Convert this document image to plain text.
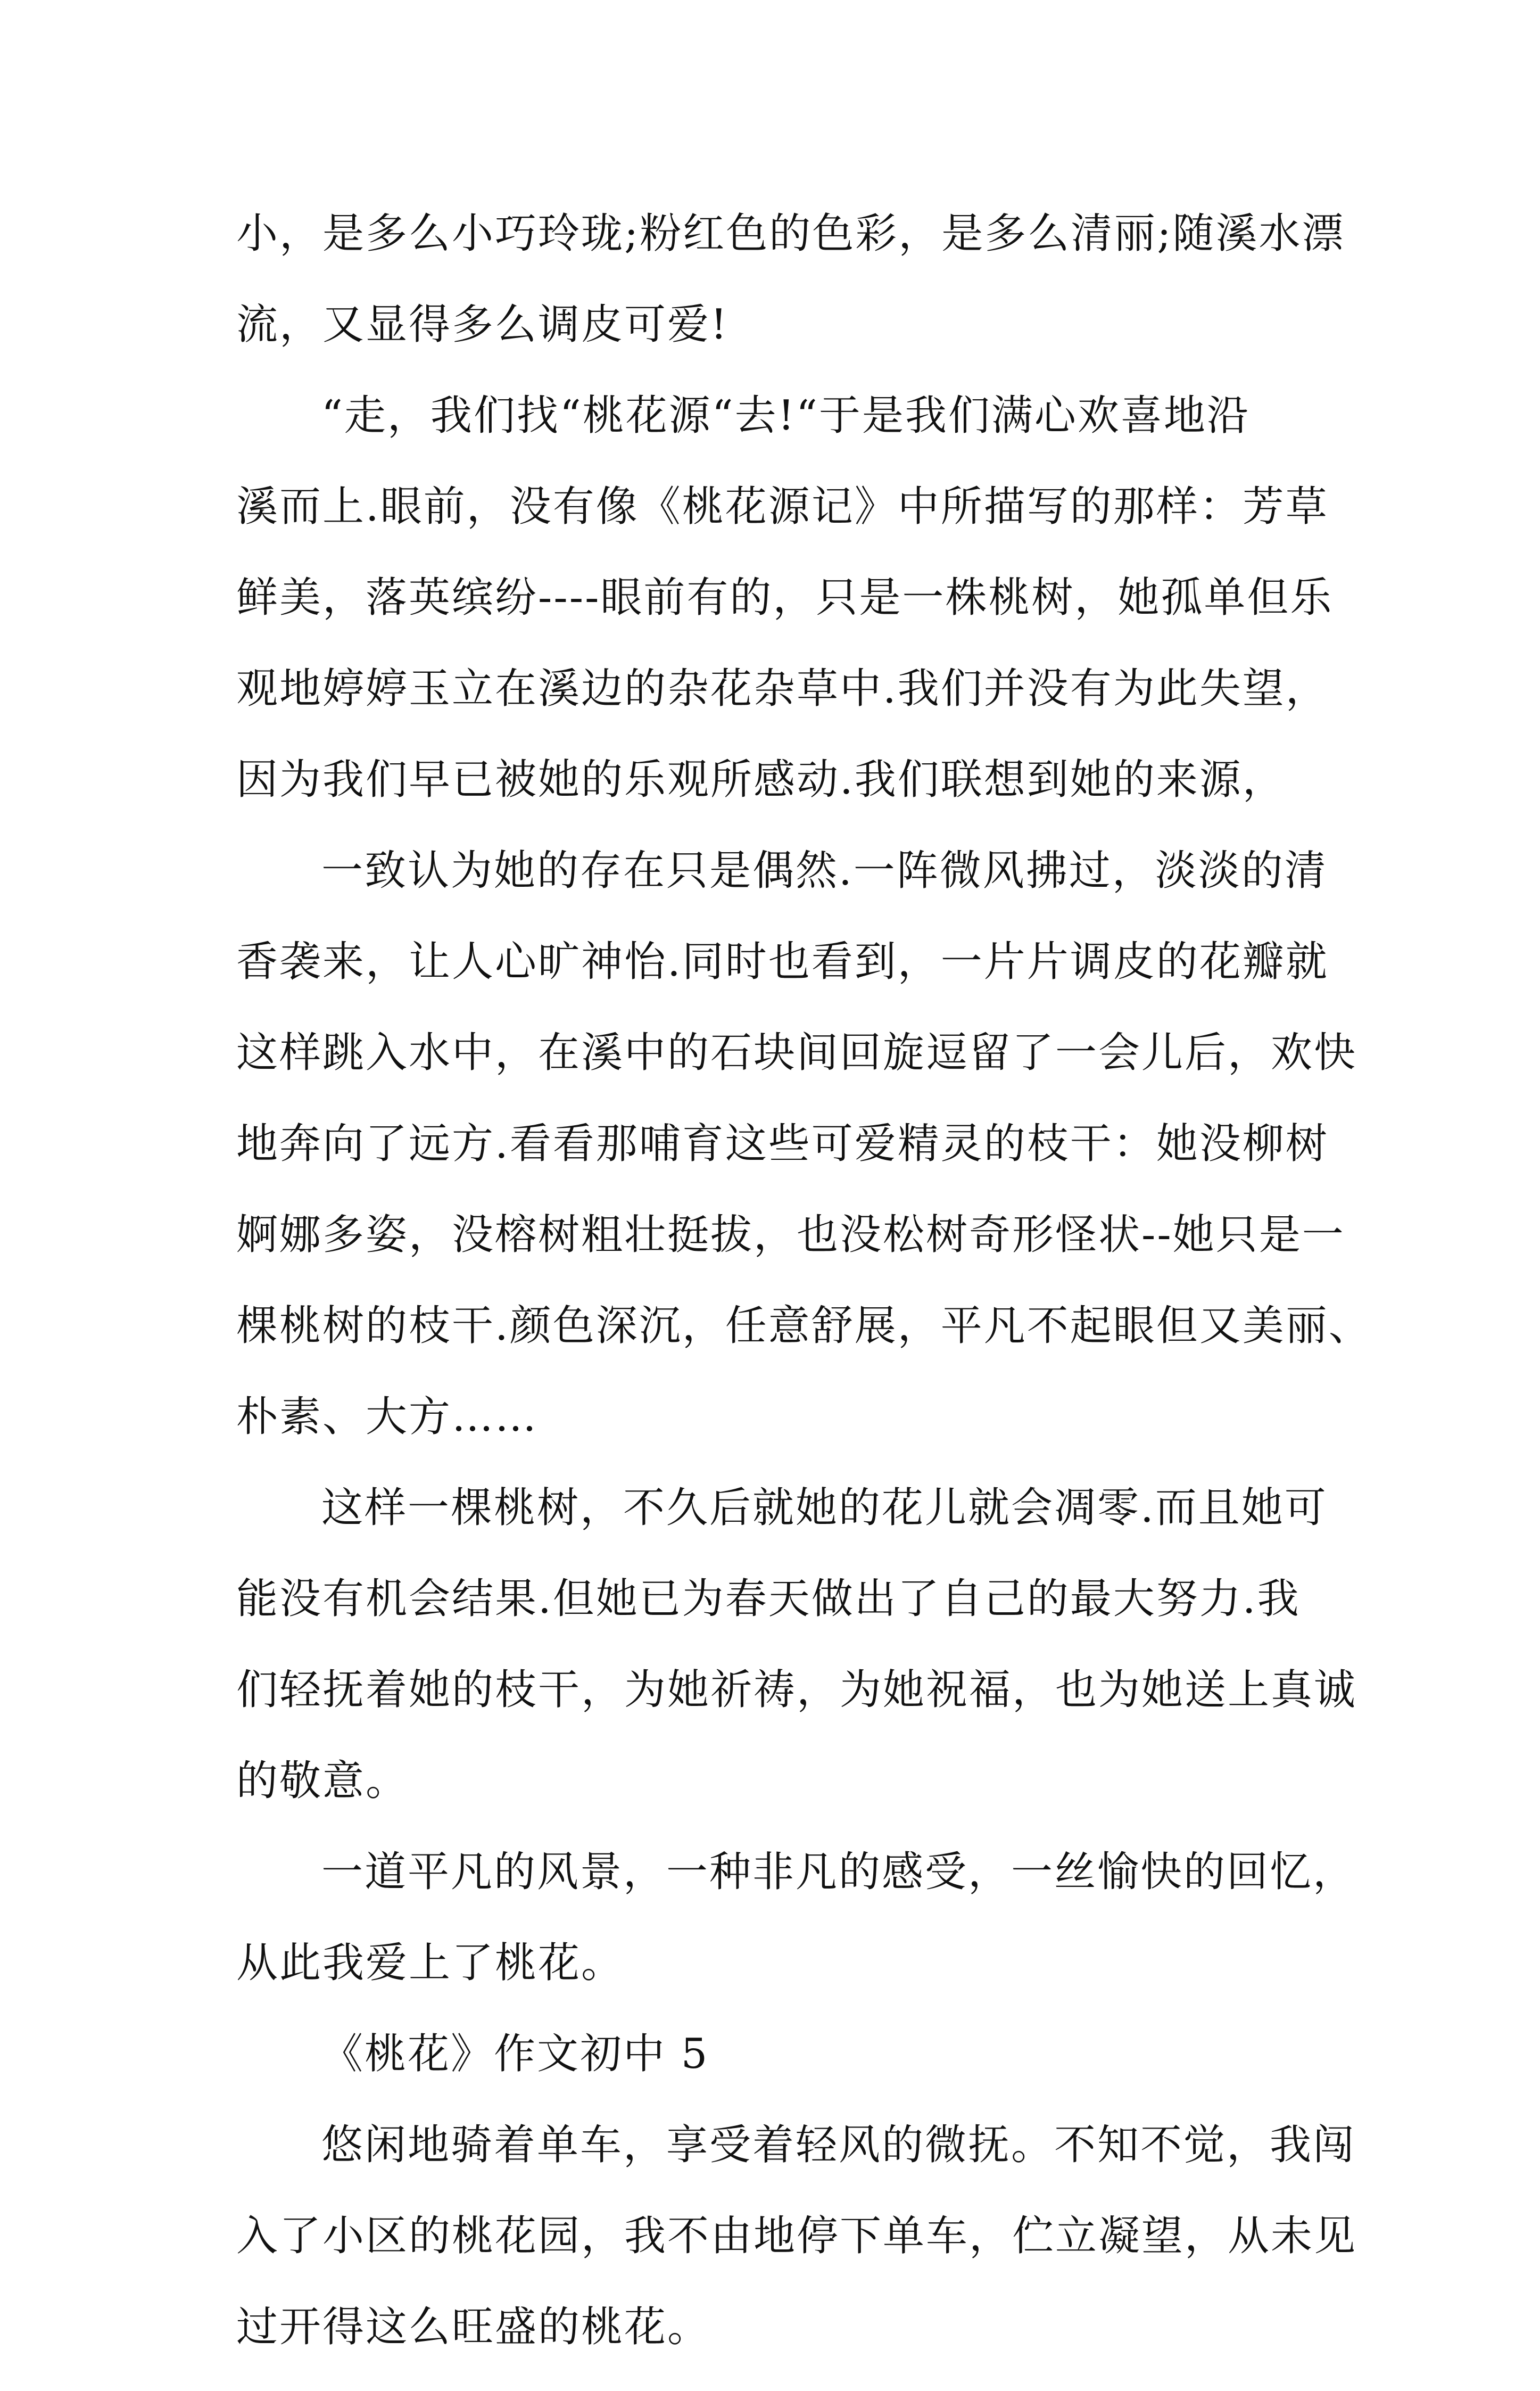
小，是多么小巧玲珑;粉红色的色彩，是多么清丽;随溪水漂
流，又显得多么调皮可爱!
“走，我们找“桃花源“去!“于是我们满心欢喜地沿
溪而上.眼前，没有像《桃花源记》中所描写的那样：芳草
鲜美，落英缤纷----眼前有的，只是一株桃树，她孤单但乐
观地婷婷玉立在溪边的杂花杂草中.我们并没有为此失望，
因为我们早已被她的乐观所感动.我们联想到她的来源，
一致认为她的存在只是偶然.一阵微风拂过，淡淡的清
香袭来，让人心旷神怡.同时也看到，一片片调皮的花瓣就
这样跳入水中，在溪中的石块间回旋逗留了一会儿后，欢快
地奔向了远方.看看那哺育这些可爱精灵的枝干：她没柳树
婀娜多姿，没榕树粗壮挺拔，也没松树奇形怪状--她只是一
棵桃树的枝干.颜色深沉，任意舒展，平凡不起眼但又美丽、
朴素、大方……
这样一棵桃树，不久后就她的花儿就会凋零.而且她可
能没有机会结果.但她已为春天做出了自己的最大努力.我
们轻抚着她的枝干，为她祈祷，为她祝福，也为她送上真诚
的敬意。
一道平凡的风景，一种非凡的感受，一丝愉快的回忆，
从此我爱上了桃花。
《桃花》作文初中 5
悠闲地骑着单车，享受着轻风的微抚。不知不觉，我闯
入了小区的桃花园，我不由地停下单车，伫立凝望，从未见
过开得这么旺盛的桃花。
